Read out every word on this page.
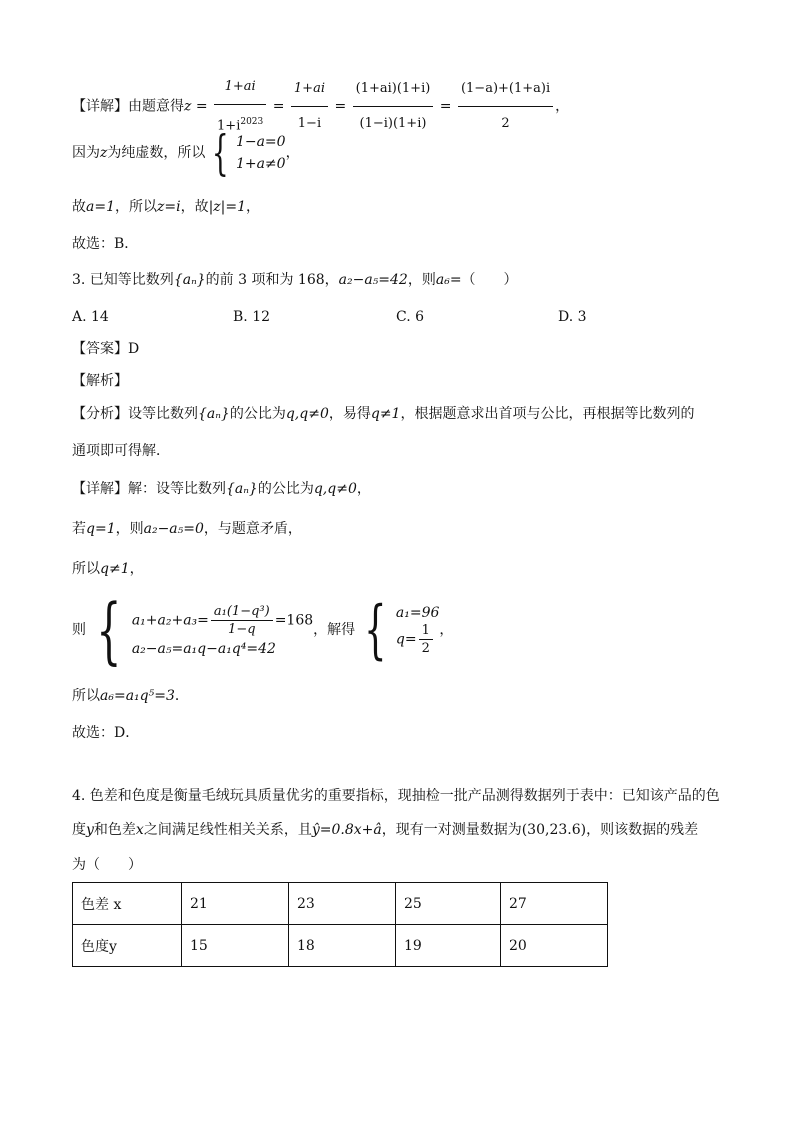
【详解】由题意得$z = \frac{1+ai}{1+i^{2023}} = \frac{1+ai}{1-i} = \frac{(1+ai)(1+i)}{(1-i)(1+i)} = \frac{(1-a)+(1+a)i}{2}$ ，
因为z为纯虚数，所以 { 1−a=0
1+a≠0
，
故a=1，所以z=i，故|z|=1，
故选：B．
3. 已知等比数列{aₙ}的前 3 项和为 168，a₂−a₅=42，则a₆=（　　）
A. 14	B. 12	C. 6	D. 3
【答案】D
【解析】
【分析】设等比数列{aₙ}的公比为q,q≠0，易得q≠1，根据题意求出首项与公比，再根据等比数列的
通项即可得解．
【详解】解：设等比数列{aₙ}的公比为q,q≠0，
若q=1，则a₂−a₅=0，与题意矛盾，
所以q≠1，
则 { $a_1+a_2+a_3= \frac{\text{a₁(1−q³)}}{1-q} =168$
a₂−a₅=a₁q−a₁q⁴=42
，解得 { a₁=96
$q= \frac{1}{2}$ ，
所以a₆=a₁q⁵=3．
故选：D．
4. 色差和色度是衡量毛绒玩具质量优劣的重要指标，现抽检一批产品测得数据列于表中：已知该产品的色
度y和色差x之间满足线性相关关系，且ŷ=0.8x+â，现有一对测量数据为(30,23.6)，则该数据的残差
为（　　）
色差 x	21	23	25	27
色度y	15	18	19	20
